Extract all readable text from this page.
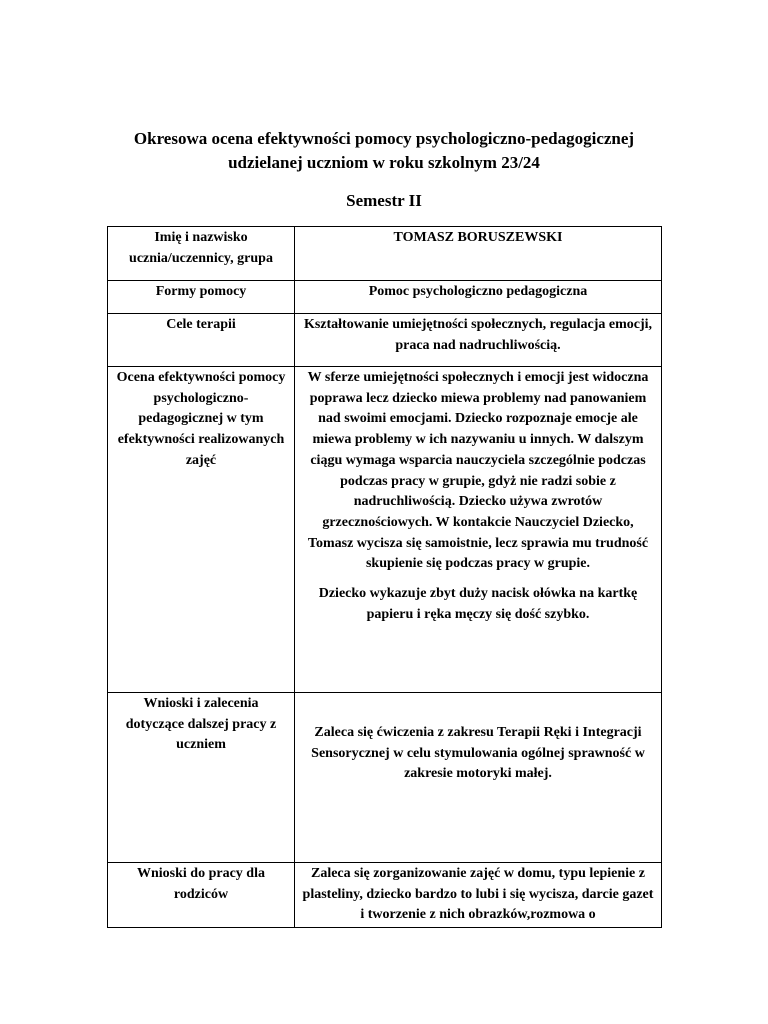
Okresowa ocena efektywności pomocy psychologiczno-pedagogicznej
udzielanej uczniom w roku szkolnym 23/24
Semestr II
Imię i nazwisko ucznia/uczennicy, grupa	TOMASZ BORUSZEWSKI

Formy pomocy	Pomoc psychologiczno pedagogiczna

Cele terapii	Kształtowanie umiejętności społecznych, regulacja emocji, praca nad nadruchliwością.

Ocena efektywności pomocy psychologiczno-pedagogicznej w tym efektywności realizowanych zajęć	W sferze umiejętności społecznych i emocji jest widoczna poprawa lecz dziecko miewa problemy nad panowaniem nad swoimi emocjami. Dziecko rozpoznaje emocje ale miewa problemy w ich nazywaniu u innych. W dalszym ciągu wymaga wsparcia nauczyciela szczególnie podczas podczas pracy w grupie, gdyż nie radzi sobie z nadruchliwością. Dziecko używa zwrotów grzecznościowych. W kontakcie Nauczyciel Dziecko, Tomasz wycisza się samoistnie, lecz sprawia mu trudność skupienie się podczas pracy w grupie.

Dziecko wykazuje zbyt duży nacisk ołówka na kartkę papieru i ręka męczy się dość szybko.

Wnioski i zalecenia dotyczące dalszej pracy z uczniem	Zaleca się ćwiczenia z zakresu Terapii Ręki i Integracji Sensorycznej w celu stymulowania ogólnej sprawność w zakresie motoryki małej.

Wnioski do pracy dla rodziców	Zaleca się zorganizowanie zajęć w domu, typu lepienie z plasteliny, dziecko bardzo to lubi i się wycisza, darcie gazet i tworzenie z nich obrazków,rozmowa o
